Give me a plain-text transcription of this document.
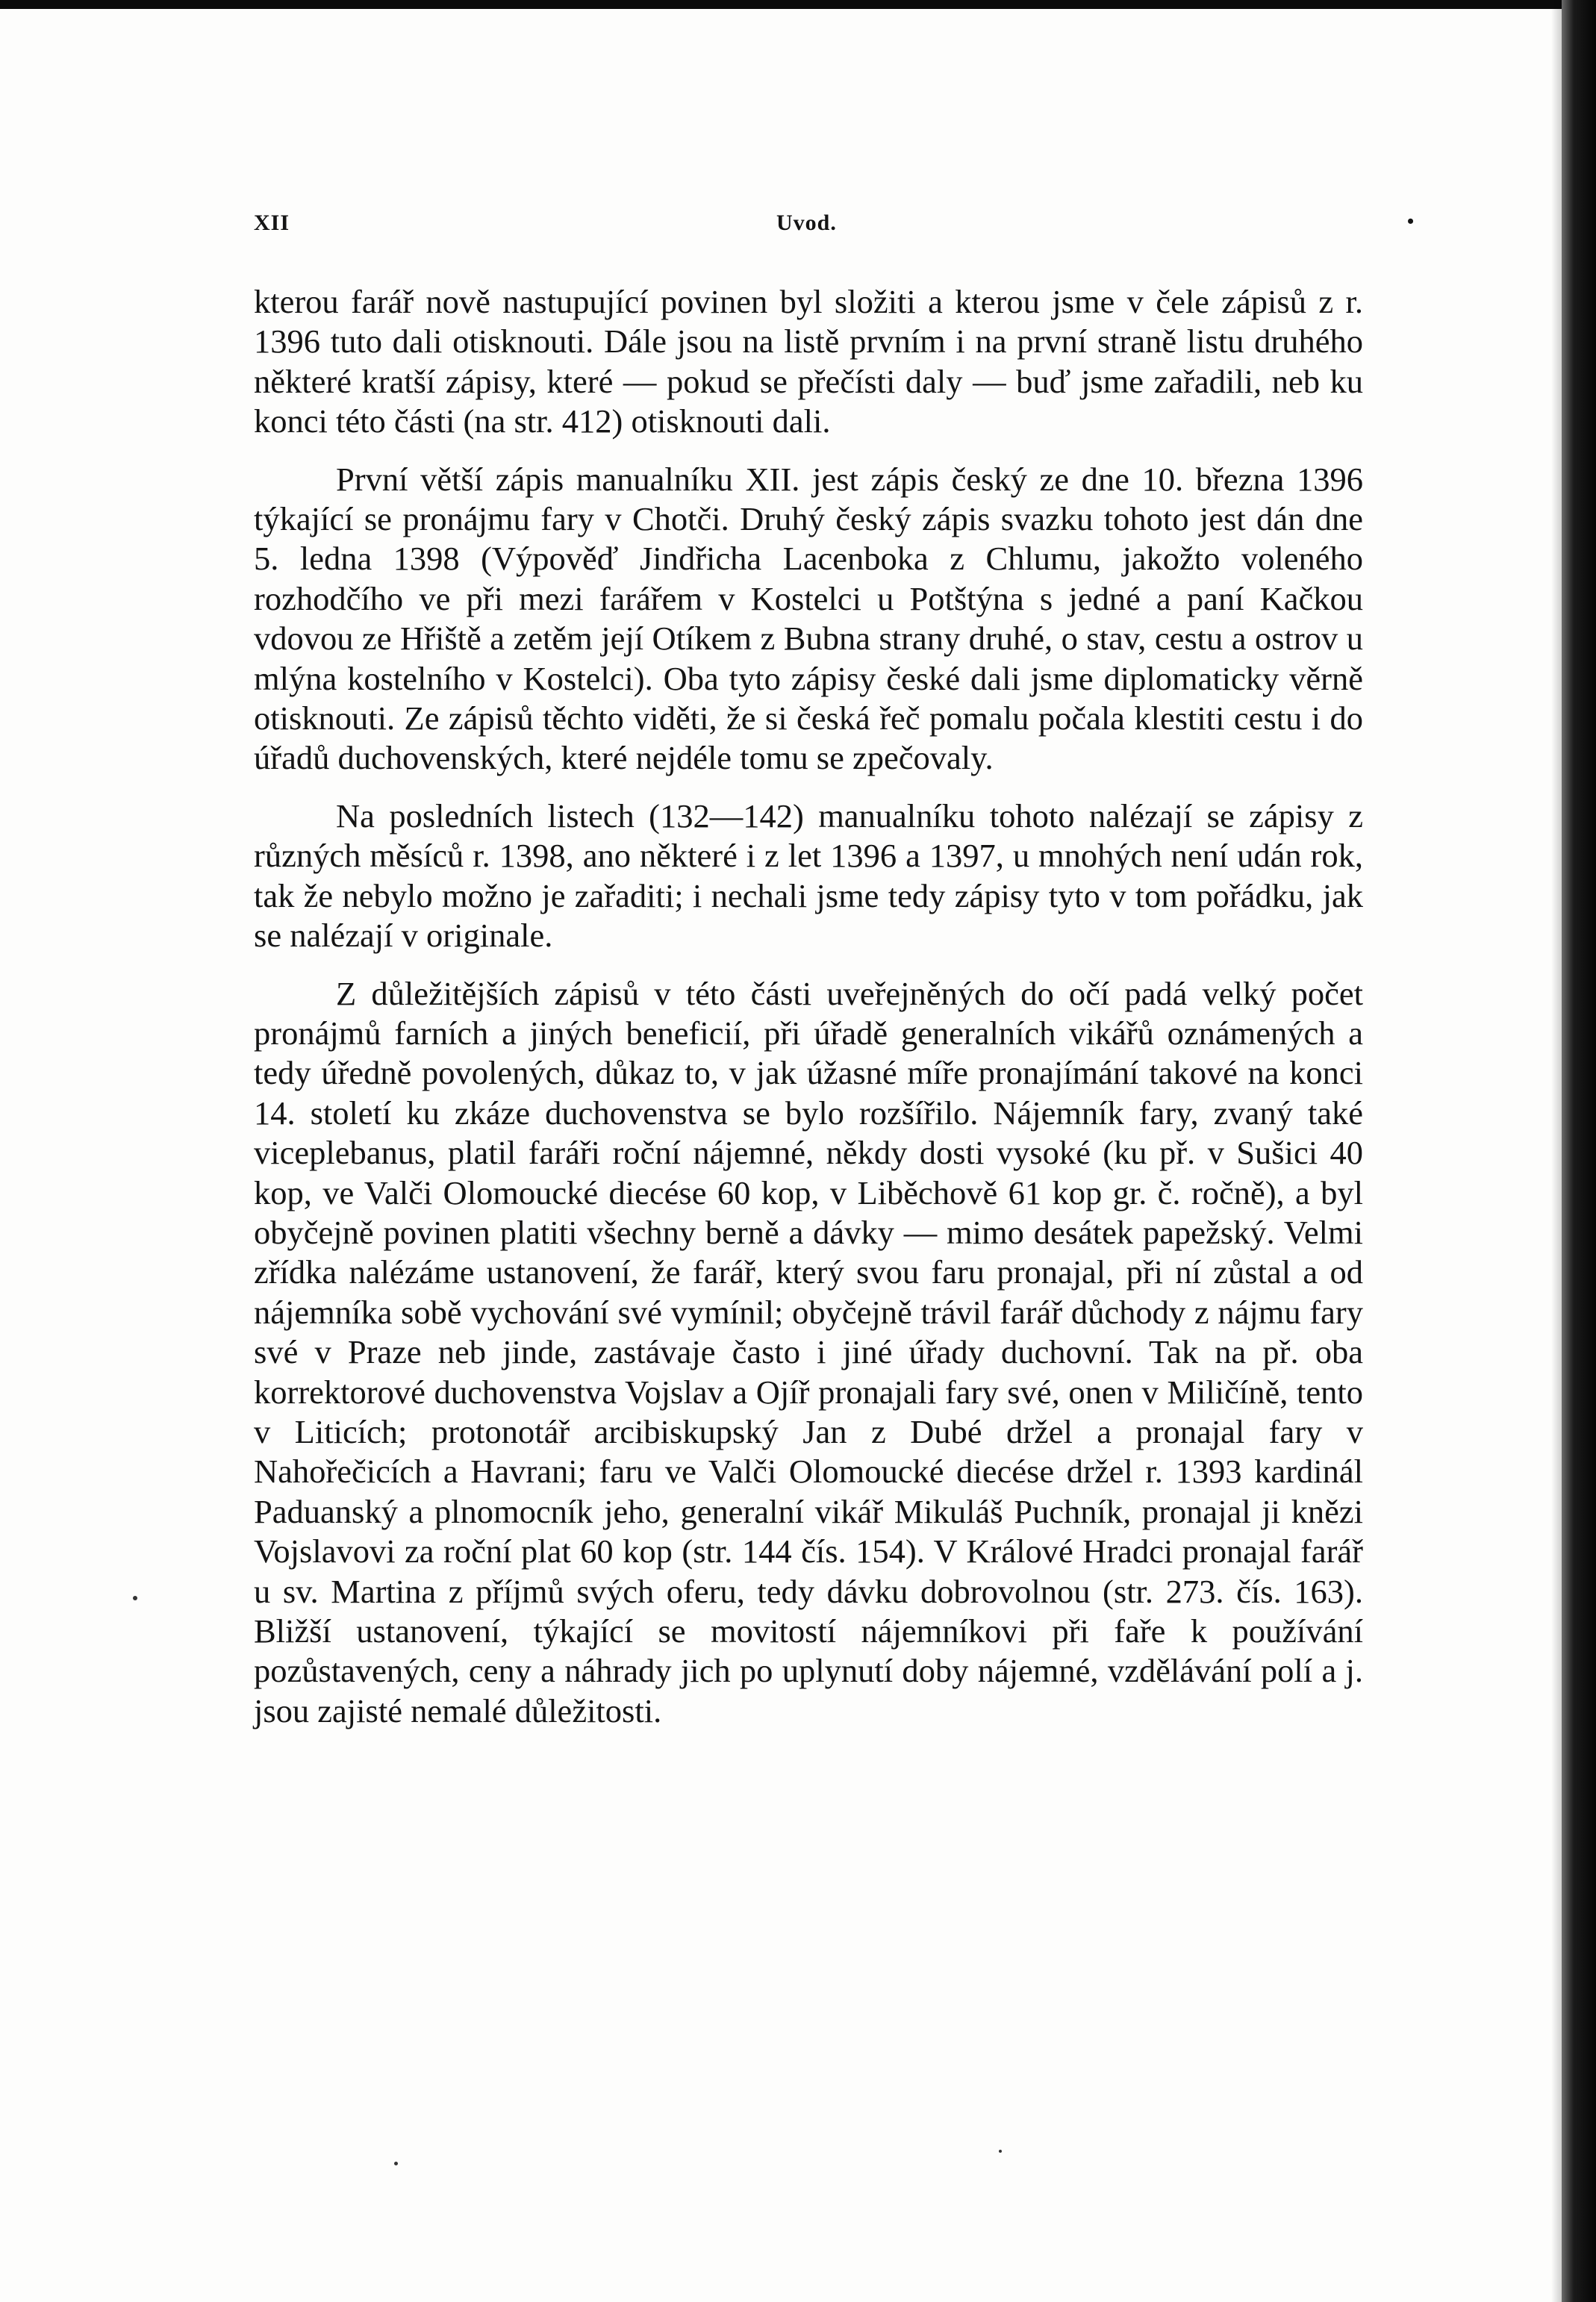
XII	Uvod.	•

kterou farář nově nastupující povinen byl složiti a kterou jsme v čele zápisů z r. 1396 tuto dali otisknouti. Dále jsou na listě prvním i na první straně listu druhého některé kratší zápisy, které — pokud se přečísti daly — buď jsme zařadili, neb ku konci této části (na str. 412) otisknouti dali.

První větší zápis manualníku XII. jest zápis český ze dne 10. března 1396 týkající se pronájmu fary v Chotči. Druhý český zápis svazku tohoto jest dán dne 5. ledna 1398 (Výpověď Jindřicha Lacenboka z Chlumu, jakožto voleného rozhodčího ve při mezi farářem v Kostelci u Potštýna s jedné a paní Kačkou vdovou ze Hřiště a zetěm její Otíkem z Bubna strany druhé, o stav, cestu a ostrov u mlýna kostelního v Kostelci). Oba tyto zápisy české dali jsme diplomaticky věrně otisknouti. Ze zápisů těchto viděti, že si česká řeč pomalu počala klestiti cestu i do úřadů duchovenských, které nejdéle tomu se zpečovaly.

Na posledních listech (132—142) manualníku tohoto nalézají se zápisy z různých měsíců r. 1398, ano některé i z let 1396 a 1397, u mnohých není udán rok, tak že nebylo možno je zařaditi; i nechali jsme tedy zápisy tyto v tom pořádku, jak se nalézají v originale.

Z důležitějších zápisů v této části uveřejněných do očí padá velký počet pronájmů farních a jiných beneficií, při úřadě generalních vikářů oznámených a tedy úředně povolených, důkaz to, v jak úžasné míře pronajímání takové na konci 14. století ku zkáze duchovenstva se bylo rozšířilo. Nájemník fary, zvaný také viceplebanus, platil faráři roční nájemné, někdy dosti vysoké (ku př. v Sušici 40 kop, ve Valči Olomoucké diecése 60 kop, v Liběchově 61 kop gr. č. ročně), a byl obyčejně povinen platiti všechny berně a dávky — mimo desátek papežský. Velmi zřídka nalézáme ustanovení, že farář, který svou faru pronajal, při ní zůstal a od nájemníka sobě vychování své vymínil; obyčejně trávil farář důchody z nájmu fary své v Praze neb jinde, zastávaje často i jiné úřady duchovní. Tak na př. oba korrektorové duchovenstva Vojslav a Ojíř pronajali fary své, onen v Miličíně, tento v Liticích; protonotář arcibiskupský Jan z Dubé držel a pronajal fary v Nahořečicích a Havrani; faru ve Valči Olomoucké diecése držel r. 1393 kardinál Paduanský a plnomocník jeho, generalní vikář Mikuláš Puchník, pronajal ji knězi Vojslavovi za roční plat 60 kop (str. 144 čís. 154). V Králové Hradci pronajal farář u sv. Martina z příjmů svých oferu, tedy dávku dobrovolnou (str. 273. čís. 163). Bližší ustanovení, týkající se movitostí nájemníkovi při faře k používání pozůstavených, ceny a náhrady jich po uplynutí doby nájemné, vzdělávání polí a j. jsou zajisté nemalé důležitosti.
